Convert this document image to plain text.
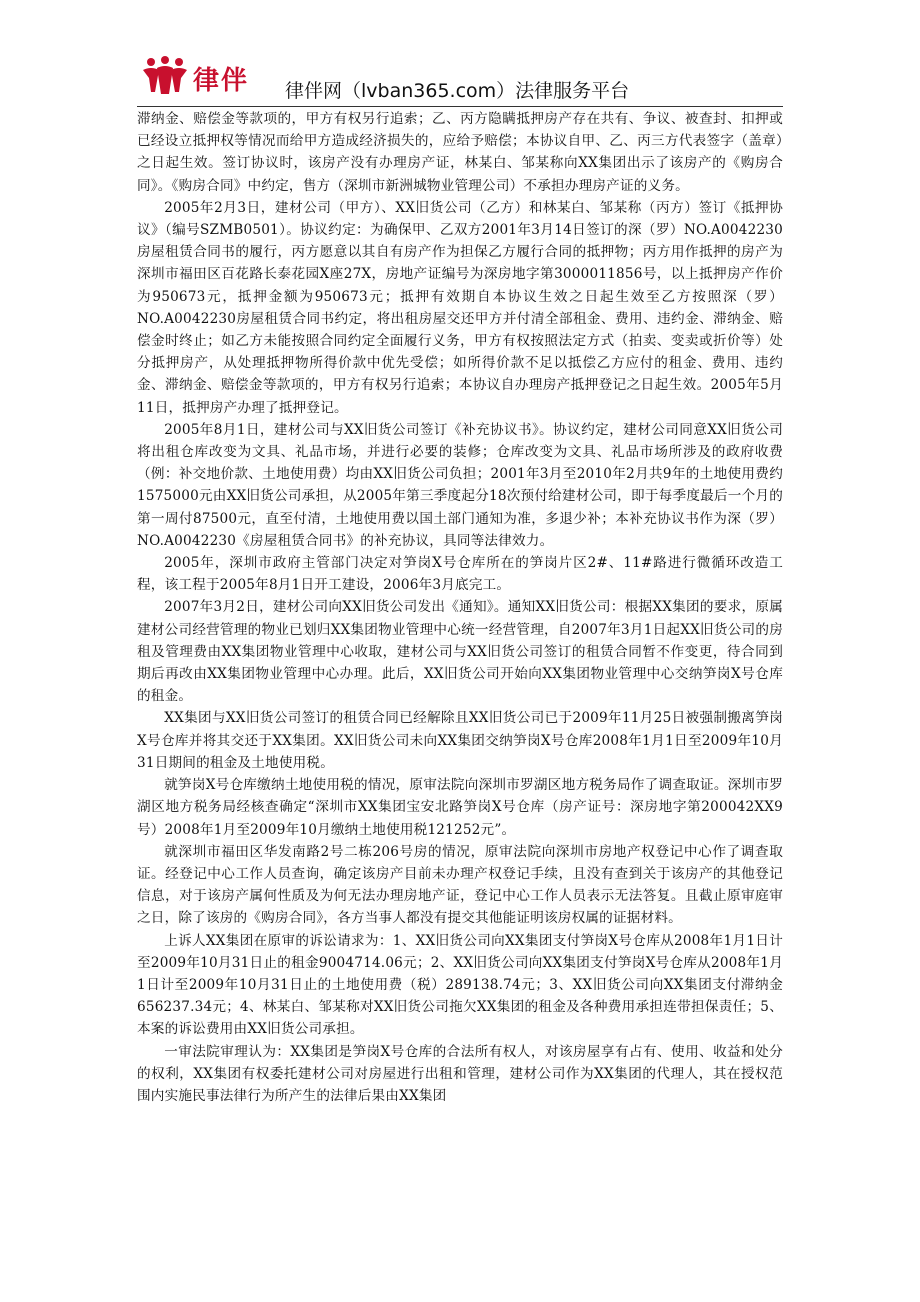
律伴 律伴网（lvban365.com）法律服务平台

滞纳金、赔偿金等款项的，甲方有权另行追索；乙、丙方隐瞒抵押房产存在共有、争议、被查封、扣押或已经设立抵押权等情况而给甲方造成经济损失的，应给予赔偿；本协议自甲、乙、丙三方代表签字（盖章）之日起生效。签订协议时，该房产没有办理房产证，林某白、邹某称向XX集团出示了该房产的《购房合同》。《购房合同》中约定，售方（深圳市新洲城物业管理公司）不承担办理房产证的义务。

2005年2月3日，建材公司（甲方）、XX旧货公司（乙方）和林某白、邹某称（丙方）签订《抵押协议》（编号SZMB0501）。协议约定：为确保甲、乙双方2001年3月14日签订的深（罗）NO.A0042230房屋租赁合同书的履行，丙方愿意以其自有房产作为担保乙方履行合同的抵押物；丙方用作抵押的房产为深圳市福田区百花路长泰花园X座27X，房地产证编号为深房地字第3000011856号，以上抵押房产作价为950673元，抵押金额为950673元；抵押有效期自本协议生效之日起生效至乙方按照深（罗）NO.A0042230房屋租赁合同书约定，将出租房屋交还甲方并付清全部租金、费用、违约金、滞纳金、赔偿金时终止；如乙方未能按照合同约定全面履行义务，甲方有权按照法定方式（拍卖、变卖或折价等）处分抵押房产，从处理抵押物所得价款中优先受偿；如所得价款不足以抵偿乙方应付的租金、费用、违约金、滞纳金、赔偿金等款项的，甲方有权另行追索；本协议自办理房产抵押登记之日起生效。2005年5月11日，抵押房产办理了抵押登记。

2005年8月1日，建材公司与XX旧货公司签订《补充协议书》。协议约定，建材公司同意XX旧货公司将出租仓库改变为文具、礼品市场，并进行必要的装修；仓库改变为文具、礼品市场所涉及的政府收费（例：补交地价款、土地使用费）均由XX旧货公司负担；2001年3月至2010年2月共9年的土地使用费约1575000元由XX旧货公司承担，从2005年第三季度起分18次预付给建材公司，即于每季度最后一个月的第一周付87500元，直至付清，土地使用费以国土部门通知为准，多退少补；本补充协议书作为深（罗）NO.A0042230《房屋租赁合同书》的补充协议，具同等法律效力。

2005年，深圳市政府主管部门决定对笋岗X号仓库所在的笋岗片区2#、11#路进行微循环改造工程，该工程于2005年8月1日开工建设，2006年3月底完工。

2007年3月2日，建材公司向XX旧货公司发出《通知》。通知XX旧货公司：根据XX集团的要求，原属建材公司经营管理的物业已划归XX集团物业管理中心统一经营管理，自2007年3月1日起XX旧货公司的房租及管理费由XX集团物业管理中心收取，建材公司与XX旧货公司签订的租赁合同暂不作变更，待合同到期后再改由XX集团物业管理中心办理。此后，XX旧货公司开始向XX集团物业管理中心交纳笋岗X号仓库的租金。

XX集团与XX旧货公司签订的租赁合同已经解除且XX旧货公司已于2009年11月25日被强制搬离笋岗X号仓库并将其交还于XX集团。XX旧货公司未向XX集团交纳笋岗X号仓库2008年1月1日至2009年10月31日期间的租金及土地使用税。

就笋岗X号仓库缴纳土地使用税的情况，原审法院向深圳市罗湖区地方税务局作了调查取证。深圳市罗湖区地方税务局经核查确定“深圳市XX集团宝安北路笋岗X号仓库（房产证号：深房地字第200042XX9号）2008年1月至2009年10月缴纳土地使用税121252元”。

就深圳市福田区华发南路2号二栋206号房的情况，原审法院向深圳市房地产权登记中心作了调查取证。经登记中心工作人员查询，确定该房产目前未办理产权登记手续，且没有查到关于该房产的其他登记信息，对于该房产属何性质及为何无法办理房地产证，登记中心工作人员表示无法答复。且截止原审庭审之日，除了该房的《购房合同》，各方当事人都没有提交其他能证明该房权属的证据材料。

上诉人XX集团在原审的诉讼请求为：1、XX旧货公司向XX集团支付笋岗X号仓库从2008年1月1日计至2009年10月31日止的租金9004714.06元；2、XX旧货公司向XX集团支付笋岗X号仓库从2008年1月1日计至2009年10月31日止的土地使用费（税）289138.74元；3、XX旧货公司向XX集团支付滞纳金656237.34元；4、林某白、邹某称对XX旧货公司拖欠XX集团的租金及各种费用承担连带担保责任；5、本案的诉讼费用由XX旧货公司承担。

一审法院审理认为：XX集团是笋岗X号仓库的合法所有权人，对该房屋享有占有、使用、收益和处分的权利，XX集团有权委托建材公司对房屋进行出租和管理，建材公司作为XX集团的代理人，其在授权范围内实施民事法律行为所产生的法律后果由XX集团
